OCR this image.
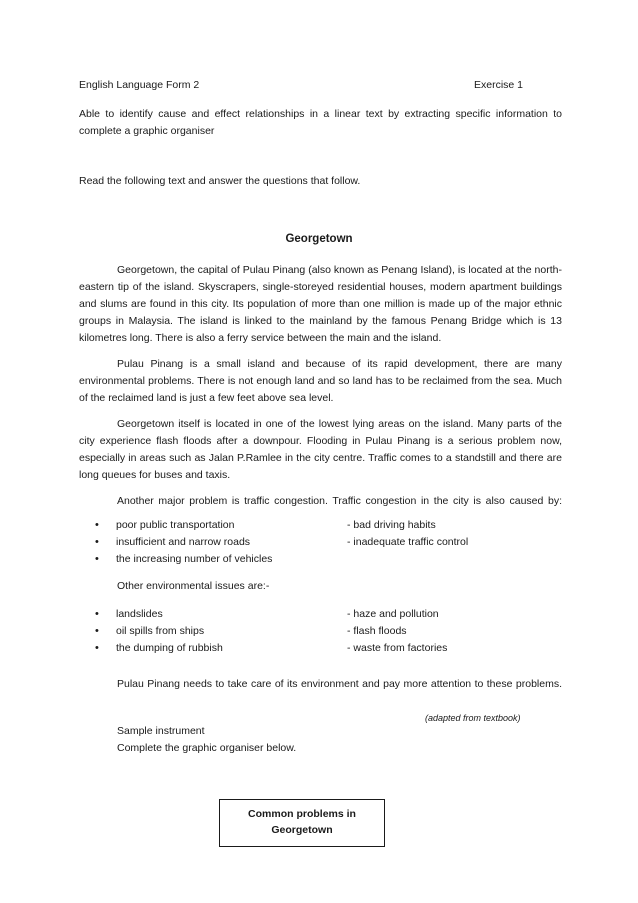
English Language Form 2	Exercise 1
Able to identify cause and effect relationships in a linear text by extracting specific information to
complete a graphic organiser
Read the following text and answer the questions that follow.
Georgetown
Georgetown, the capital of Pulau Pinang (also known as Penang Island), is located at the north-
eastern tip of the island. Skyscrapers, single-storeyed residential houses, modern apartment buildings
and slums are found in this city. Its population of more than one million is made up of the major ethnic
groups in Malaysia. The island is linked to the mainland by the famous Penang Bridge which is 13
kilometres long. There is also a ferry service between the main and the island.
Pulau Pinang is a small island and because of its rapid development, there are many
environmental problems. There is not enough land and so land has to be reclaimed from the sea. Much
of the reclaimed land is just a few feet above sea level.
Georgetown itself is located in one of the lowest lying areas on the island. Many parts of the
city experience flash floods after a downpour. Flooding in Pulau Pinang is a serious problem now,
especially in areas such as Jalan P.Ramlee in the city centre. Traffic comes to a standstill and there are
long queues for buses and taxis.
Another major problem is traffic congestion. Traffic congestion in the city is also caused by:
• poor public transportation	- bad driving habits
• insufficient and narrow roads	- inadequate traffic control
• the increasing number of vehicles
Other environmental issues are:-
• landslides	- haze and pollution
• oil spills from ships	- flash floods
• the dumping of rubbish	- waste from factories
Pulau Pinang needs to take care of its environment and pay more attention to these problems.
(adapted from textbook)
Sample instrument
Complete the graphic organiser below.
Common problems in
Georgetown
